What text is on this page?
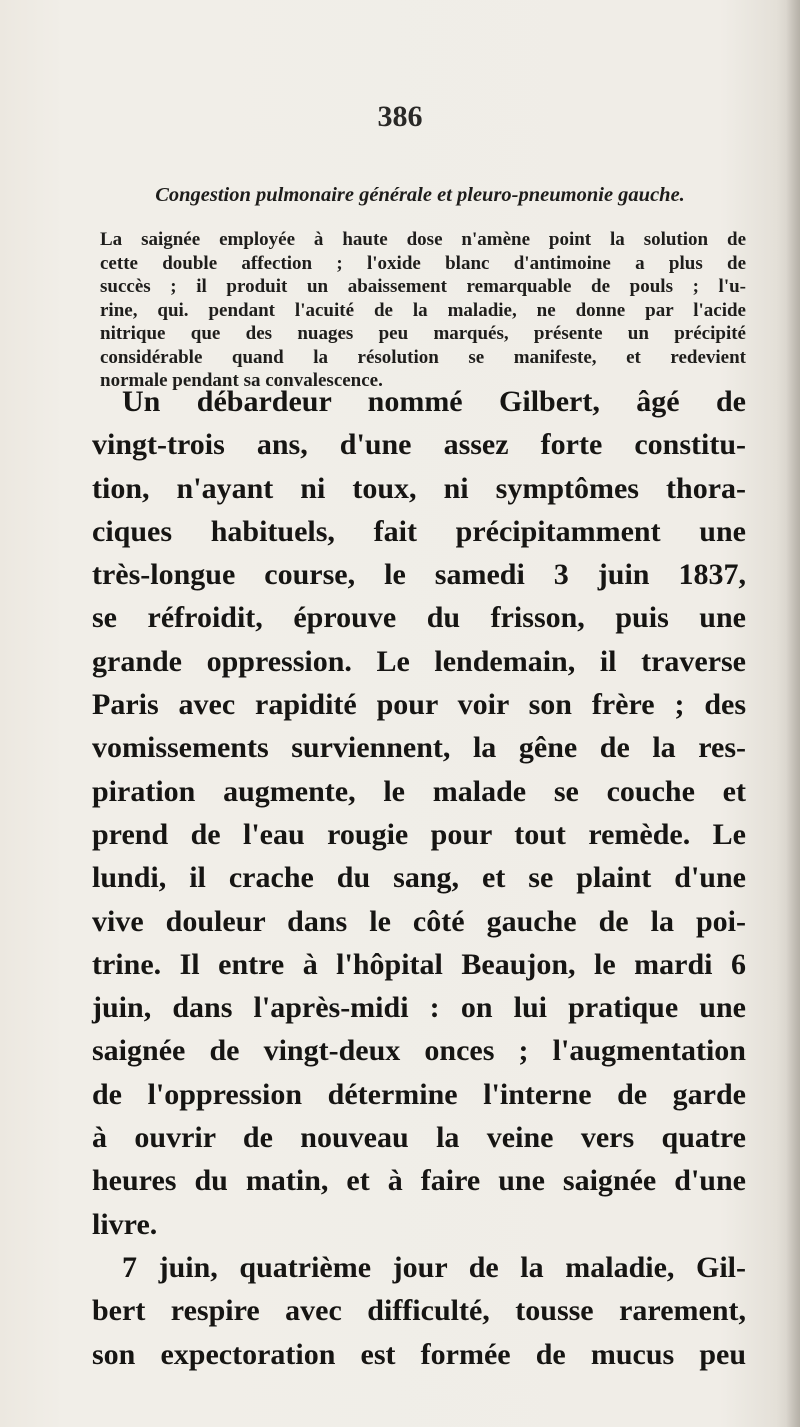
386
Congestion pulmonaire générale et pleuro-pneumonie gauche.
La saignée employée à haute dose n'amène point la solution de
cette double affection ; l'oxide blanc d'antimoine a plus de
succès ; il produit un abaissement remarquable de pouls ; l'u-
rine, qui. pendant l'acuité de la maladie, ne donne par l'acide
nitrique que des nuages peu marqués, présente un précipité
considérable quand la résolution se manifeste, et redevient
normale pendant sa convalescence.
Un débardeur nommé Gilbert, âgé de
vingt-trois ans, d'une assez forte constitu-
tion, n'ayant ni toux, ni symptômes thora-
ciques habituels, fait précipitamment une
très-longue course, le samedi 3 juin 1837,
se réfroidit, éprouve du frisson, puis une
grande oppression. Le lendemain, il traverse
Paris avec rapidité pour voir son frère ; des
vomissements surviennent, la gêne de la res-
piration augmente, le malade se couche et
prend de l'eau rougie pour tout remède. Le
lundi, il crache du sang, et se plaint d'une
vive douleur dans le côté gauche de la poi-
trine. Il entre à l'hôpital Beaujon, le mardi 6
juin, dans l'après-midi : on lui pratique une
saignée de vingt-deux onces ; l'augmentation
de l'oppression détermine l'interne de garde
à ouvrir de nouveau la veine vers quatre
heures du matin, et à faire une saignée d'une
livre.
7 juin, quatrième jour de la maladie, Gil-
bert respire avec difficulté, tousse rarement,
son expectoration est formée de mucus peu
